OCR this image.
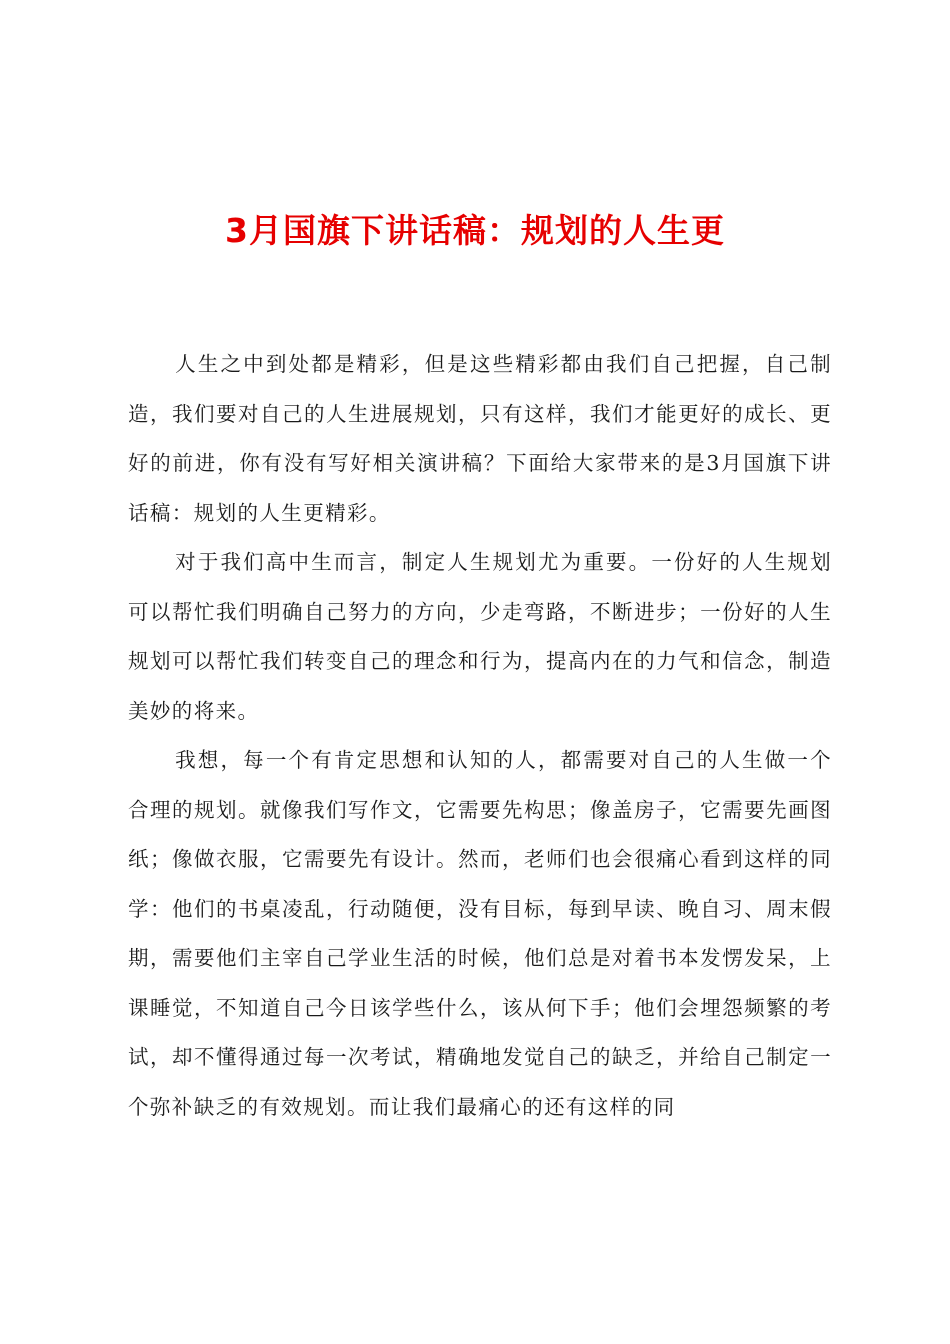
3月国旗下讲话稿：规划的人生更

人生之中到处都是精彩，但是这些精彩都由我们自己把握，自己制造，我们要对自己的人生进展规划，只有这样，我们才能更好的成长、更好的前进，你有没有写好相关演讲稿？下面给大家带来的是3月国旗下讲话稿：规划的人生更精彩。

对于我们高中生而言，制定人生规划尤为重要。一份好的人生规划可以帮忙我们明确自己努力的方向，少走弯路，不断进步；一份好的人生规划可以帮忙我们转变自己的理念和行为，提高内在的力气和信念，制造美妙的将来。

我想，每一个有肯定思想和认知的人，都需要对自己的人生做一个合理的规划。就像我们写作文，它需要先构思；像盖房子，它需要先画图纸；像做衣服，它需要先有设计。然而，老师们也会很痛心看到这样的同学：他们的书桌凌乱，行动随便，没有目标，每到早读、晚自习、周末假期，需要他们主宰自己学业生活的时候，他们总是对着书本发愣发呆，上课睡觉，不知道自己今日该学些什么，该从何下手；他们会埋怨频繁的考试，却不懂得通过每一次考试，精确地发觉自己的缺乏，并给自己制定一个弥补缺乏的有效规划。而让我们最痛心的还有这样的同
